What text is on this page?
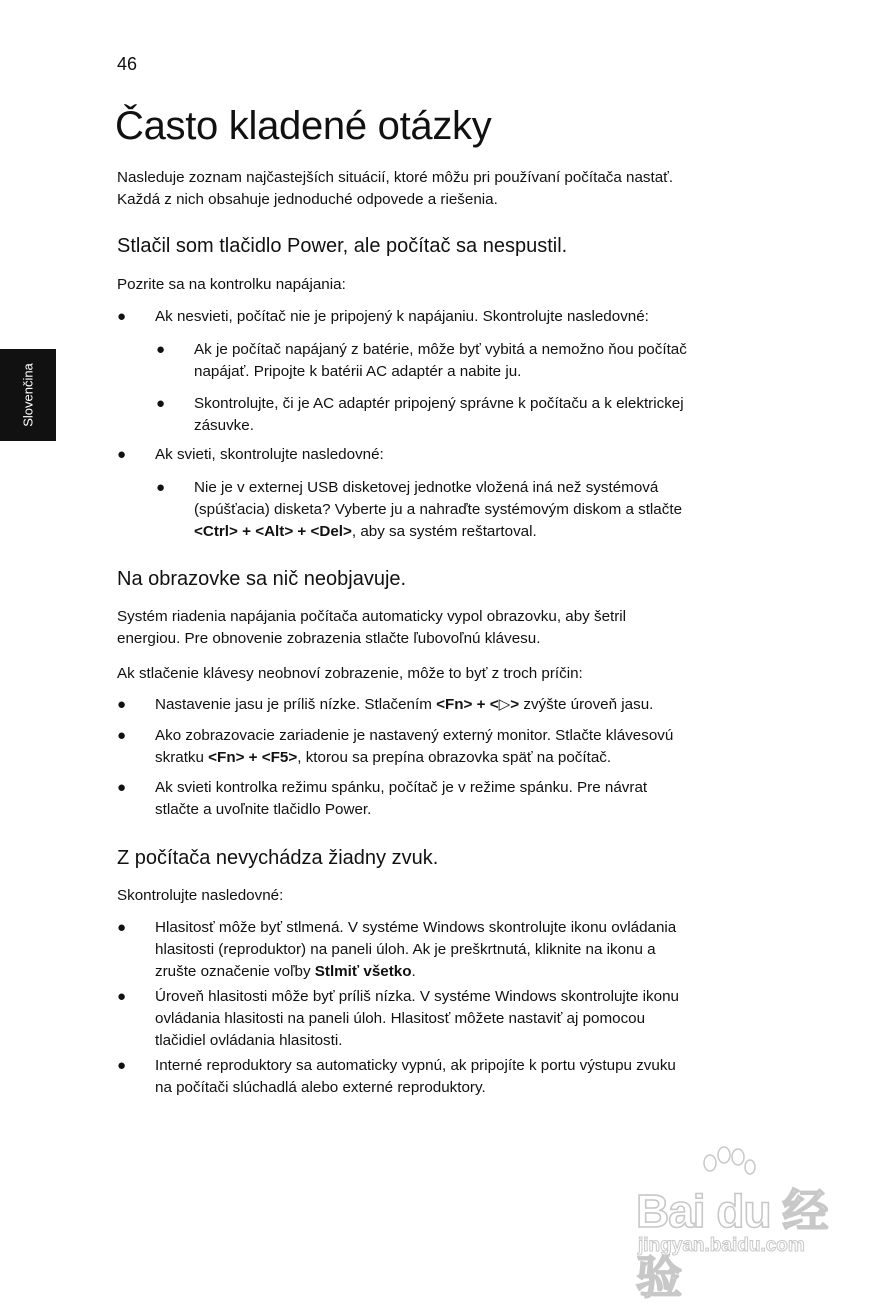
46
Slovenčina
Často kladené otázky

Nasleduje zoznam najčastejších situácií, ktoré môžu pri používaní počítača nastať.
Každá z nich obsahuje jednoduché odpovede a riešenia.

Stlačil som tlačidlo Power, ale počítač sa nespustil.

Pozrite sa na kontrolku napájania:

● Ak nesvieti, počítač nie je pripojený k napájaniu. Skontrolujte nasledovné:

● Ak je počítač napájaný z batérie, môže byť vybitá a nemožno ňou počítač
napájať. Pripojte k batérii AC adaptér a nabite ju.

● Skontrolujte, či je AC adaptér pripojený správne k počítaču a k elektrickej
zásuvke.

● Ak svieti, skontrolujte nasledovné:

● Nie je v externej USB disketovej jednotke vložená iná než systémová
(spúšťacia) disketa? Vyberte ju a nahraďte systémovým diskom a stlačte
<Ctrl> + <Alt> + <Del>, aby sa systém reštartoval.

Na obrazovke sa nič neobjavuje.

Systém riadenia napájania počítača automaticky vypol obrazovku, aby šetril
energiou. Pre obnovenie zobrazenia stlačte ľubovoľnú klávesu.

Ak stlačenie klávesy neobnoví zobrazenie, môže to byť z troch príčin:

● Nastavenie jasu je príliš nízke. Stlačením <Fn> + <▷> zvýšte úroveň jasu.

● Ako zobrazovacie zariadenie je nastavený externý monitor. Stlačte klávesovú
skratku <Fn> + <F5>, ktorou sa prepína obrazovka späť na počítač.

● Ak svieti kontrolka režimu spánku, počítač je v režime spánku. Pre návrat
stlačte a uvoľnite tlačidlo Power.

Z počítača nevychádza žiadny zvuk.

Skontrolujte nasledovné:

● Hlasitosť môže byť stlmená. V systéme Windows skontrolujte ikonu ovládania
hlasitosti (reproduktor) na paneli úloh. Ak je preškrtnutá, kliknite na ikonu a
zrušte označenie voľby Stlmiť všetko.

● Úroveň hlasitosti môže byť príliš nízka. V systéme Windows skontrolujte ikonu
ovládania hlasitosti na paneli úloh. Hlasitosť môžete nastaviť aj pomocou
tlačidiel ovládania hlasitosti.

● Interné reproduktory sa automaticky vypnú, ak pripojíte k portu výstupu zvuku
na počítači slúchadlá alebo externé reproduktory.

Bai du 经验
jingyan.baidu.com
